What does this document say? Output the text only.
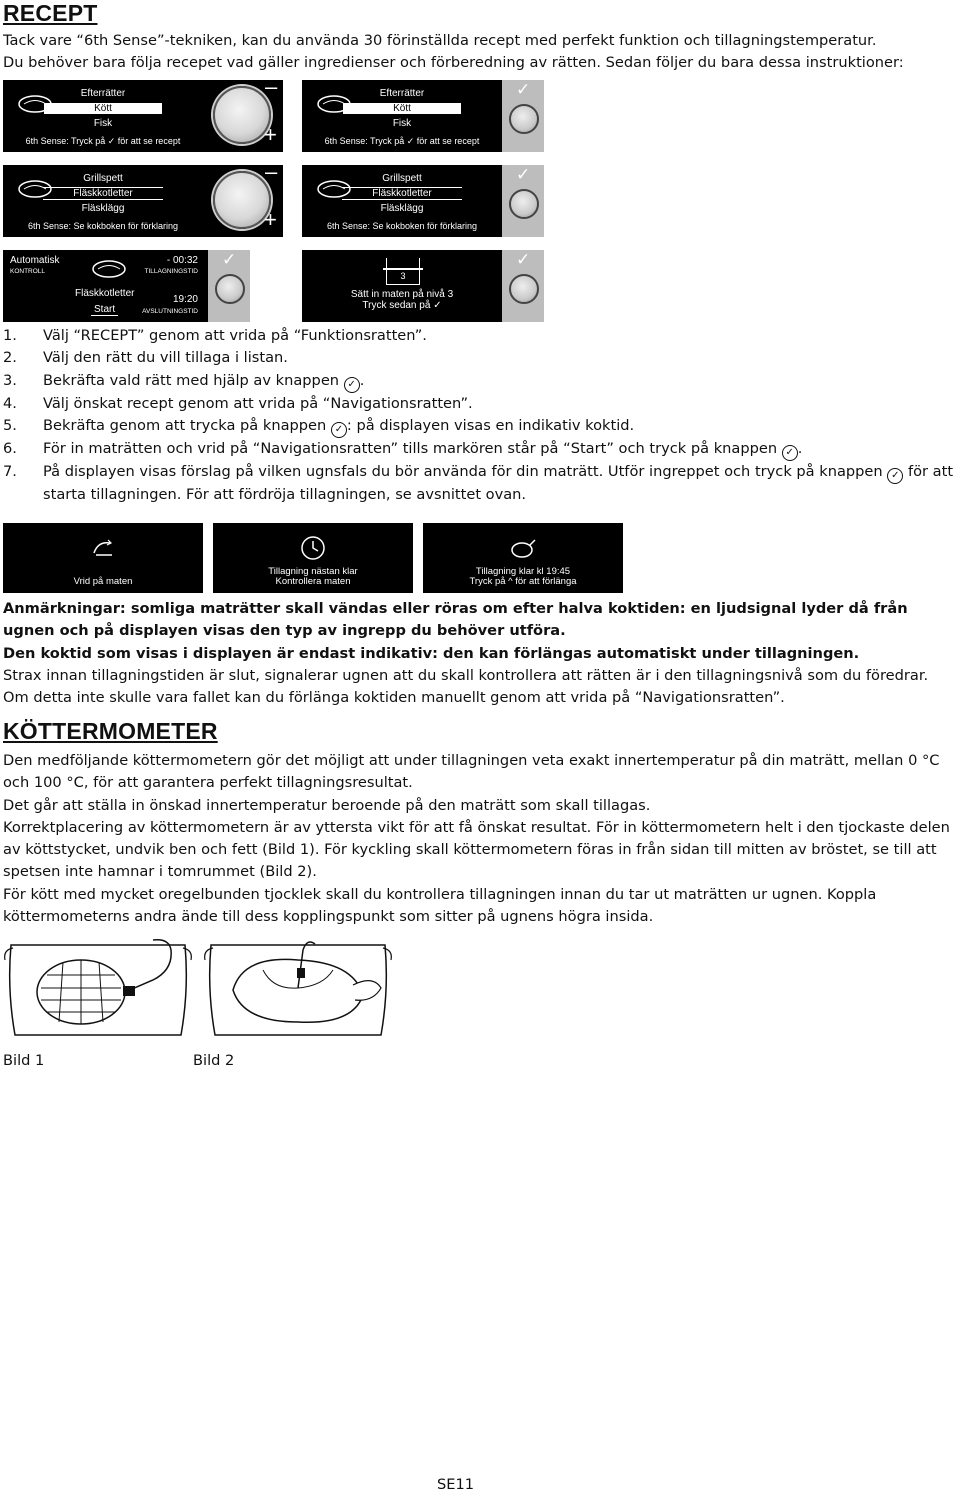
RECEPT

Tack vare “6th Sense”-tekniken, kan du använda 30 förinställda recept med perfekt funktion och tillagningstemperatur.

Du behöver bara följa recepet vad gäller ingredienser och förberedning av rätten. Sedan följer du bara dessa instruktioner:

Efterrätter
Kött
Fisk
6th Sense: Tryck på ✓ för att se recept
–
+
Efterrätter
Kött
Fisk
6th Sense: Tryck på ✓ för att se recept
✓
Grillspett
Fläskkotletter
Fläsklägg
6th Sense: Se kokboken för förklaring
–
+
Grillspett
Fläskkotletter
Fläsklägg
6th Sense: Se kokboken för förklaring
✓
Automatisk
KONTROLL
- 00:32
TILLAGNINGSTID
Fläskkotletter
Start
19:20
AVSLUTNINGSTID
✓
3
Sätt in maten på nivå 3
Tryck sedan på ✓
✓
1. Välj “RECEPT” genom att vrida på “Funktionsratten”.
2. Välj den rätt du vill tillaga i listan.
3. Bekräfta vald rätt med hjälp av knappen ✓ .
4. Välj önskat recept genom att vrida på “Navigationsratten”.
5. Bekräfta genom att trycka på knappen ✓ : på displayen visas en indikativ koktid.
6. För in maträtten och vrid på “Navigationsratten” tills markören står på “Start” och tryck på knappen ✓ .
7. På displayen visas förslag på vilken ugnsfals du bör använda för din maträtt. Utför ingreppet och tryck på knappen ✓ för att starta tillagningen. För att fördröja tillagningen, se avsnittet ovan.
Vrid på maten
Tillagning nästan klar
Kontrollera maten
Tillagning klar kl 19:45
Tryck på ^ för att förlänga

Anmärkningar: somliga maträtter skall vändas eller röras om efter halva koktiden: en ljudsignal lyder då från ugnen och på displayen visas den typ av ingrepp du behöver utföra.

Den koktid som visas i displayen är endast indikativ: den kan förlängas automatiskt under tillagningen.

Strax innan tillagningstiden är slut, signalerar ugnen att du skall kontrollera att rätten är i den tillagningsnivå som du föredrar.

Om detta inte skulle vara fallet kan du förlänga koktiden manuellt genom att vrida på “Navigationsratten”.

KÖTTERMOMETER

Den medföljande köttermometern gör det möjligt att under tillagningen veta exakt innertemperatur på din maträtt, mellan 0 °C och 100 °C, för att garantera perfekt tillagningsresultat.

Det går att ställa in önskad innertemperatur beroende på den maträtt som skall tillagas.

Korrektplacering av köttermometern är av yttersta vikt för att få önskat resultat. För in köttermometern helt i den tjockaste delen av köttstycket, undvik ben och fett (Bild 1). För kyckling skall köttermometern föras in från sidan till mitten av bröstet, se till att spetsen inte hamnar i tomrummet (Bild 2).

För kött med mycket oregelbunden tjocklek skall du kontrollera tillagningen innan du tar ut maträtten ur ugnen. Koppla köttermometerns andra ände till dess kopplingspunkt som sitter på ugnens högra insida.

Bild 1	Bild 2
SE11
